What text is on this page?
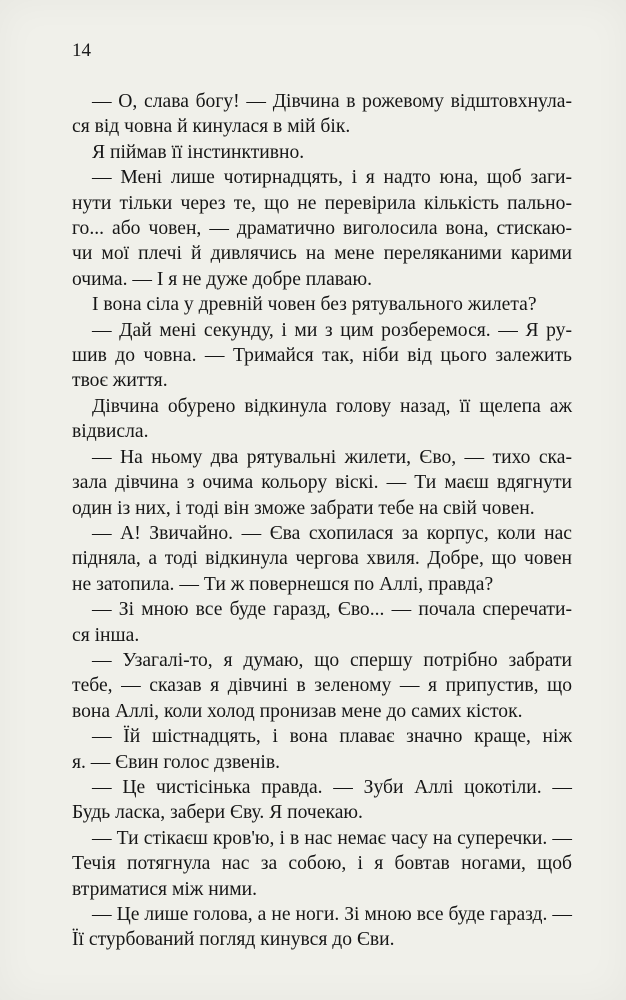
14
— О, слава богу! — Дівчина в рожевому відштовхнула-
ся від човна й кинулася в мій бік.
Я піймав її інстинктивно.
— Мені лише чотирнадцять, і я надто юна, щоб заги-
нути тільки через те, що не перевірила кількість пально-
го... або човен, — драматично виголосила вона, стискаю-
чи мої плечі й дивлячись на мене переляканими карими
очима. — І я не дуже добре плаваю.
І вона сіла у древній човен без рятувального жилета?
— Дай мені секунду, і ми з цим розберемося. — Я ру-
шив до човна. — Тримайся так, ніби від цього залежить
твоє життя.
Дівчина обурено відкинула голову назад, її щелепа аж
відвисла.
— На ньому два рятувальні жилети, Єво, — тихо ска-
зала дівчина з очима кольору віскі. — Ти маєш вдягнути
один із них, і тоді він зможе забрати тебе на свій човен.
— А! Звичайно. — Єва схопилася за корпус, коли нас
підняла, а тоді відкинула чергова хвиля. Добре, що човен
не затопила. — Ти ж повернешся по Аллі, правда?
— Зі мною все буде гаразд, Єво... — почала сперечати-
ся інша.
— Узагалі-то, я думаю, що спершу потрібно забрати
тебе, — сказав я дівчині в зеленому — я припустив, що
вона Аллі, коли холод пронизав мене до самих кісток.
— Їй шістнадцять, і вона плаває значно краще, ніж
я. — Євин голос дзвенів.
— Це чистісінька правда. — Зуби Аллі цокотіли. —
Будь ласка, забери Єву. Я почекаю.
— Ти стікаєш кров'ю, і в нас немає часу на суперечки. —
Течія потягнула нас за собою, і я бовтав ногами, щоб
втриматися між ними.
— Це лише голова, а не ноги. Зі мною все буде гаразд. —
Її стурбований погляд кинувся до Єви.
